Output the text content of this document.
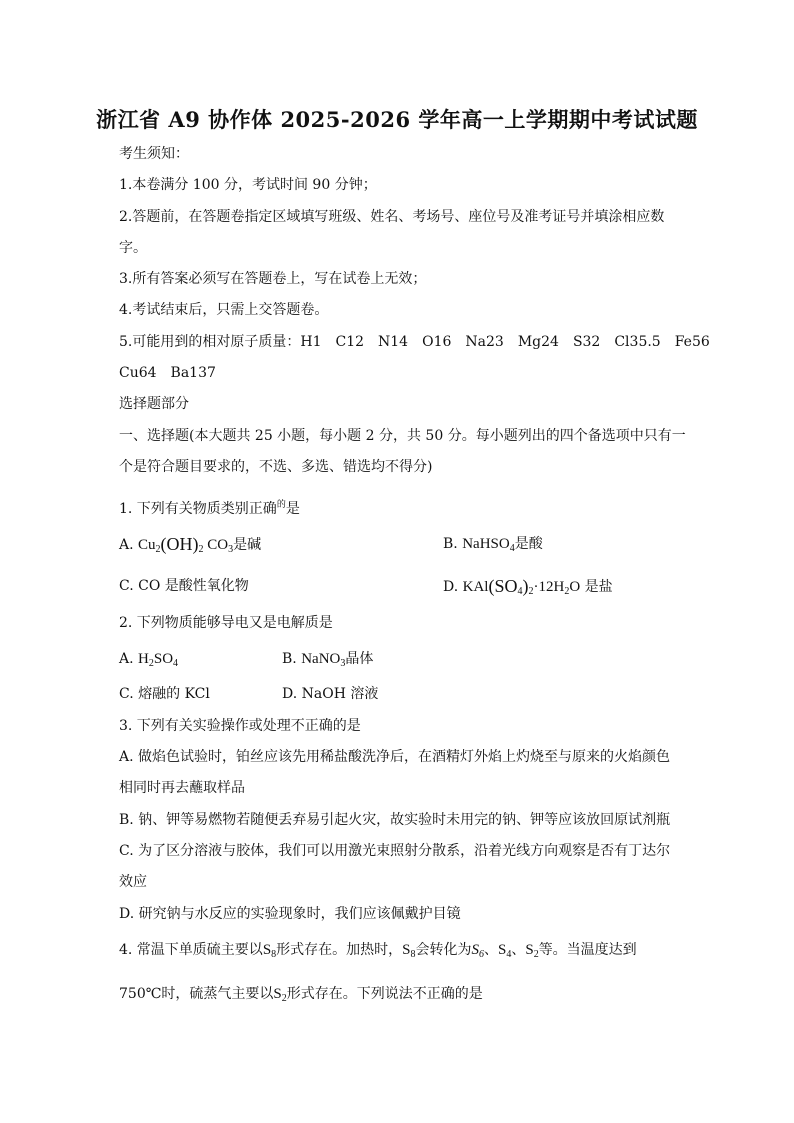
浙江省 A9 协作体 2025-2026 学年高一上学期期中考试试题
考生须知：
1.本卷满分 100 分，考试时间 90 分钟；
2.答题前，在答题卷指定区域填写班级、姓名、考场号、座位号及准考证号并填涂相应数
字。
3.所有答案必须写在答题卷上，写在试卷上无效；
4.考试结束后，只需上交答题卷。
5.可能用到的相对原子质量：H1 C12 N14 O16 Na23 Mg24 S32 Cl35.5 Fe56
Cu64 Ba137
选择题部分
一、选择题(本大题共 25 小题，每小题 2 分，共 50 分。每小题列出的四个备选项中只有一
个是符合题目要求的，不选、多选、错选均不得分)
1. 下列有关物质类别正确$^的$是
A. $Cu_2(OH)_2$ $CO_3$是碱	B. NaHSO$_4$是酸
C. CO 是酸性氧化物	D. $KAl(SO_4)_2\cdot 12H_2O$ 是盐
2. 下列物质能够导电又是电解质是
A. $H_2SO_4$	B. NaNO$_3$晶体
C. 熔融的 KCl	D. NaOH 溶液
3. 下列有关实验操作或处理不正确的是
A. 做焰色试验时，铂丝应该先用稀盐酸洗净后，在酒精灯外焰上灼烧至与原来的火焰颜色
相同时再去蘸取样品
B. 钠、钾等易燃物若随便丢弃易引起火灾，故实验时未用完的钠、钾等应该放回原试剂瓶
C. 为了区分溶液与胶体，我们可以用激光束照射分散系，沿着光线方向观察是否有丁达尔
效应
D. 研究钠与水反应的实验现象时，我们应该佩戴护目镜
4. 常温下单质硫主要以$S_8$形式存在。加热时，$S_8$会转化为$S_6$、$S_4$、$S_2$等。当温度达到
750℃时，硫蒸气主要以$S_2$形式存在。下列说法不正确的是
